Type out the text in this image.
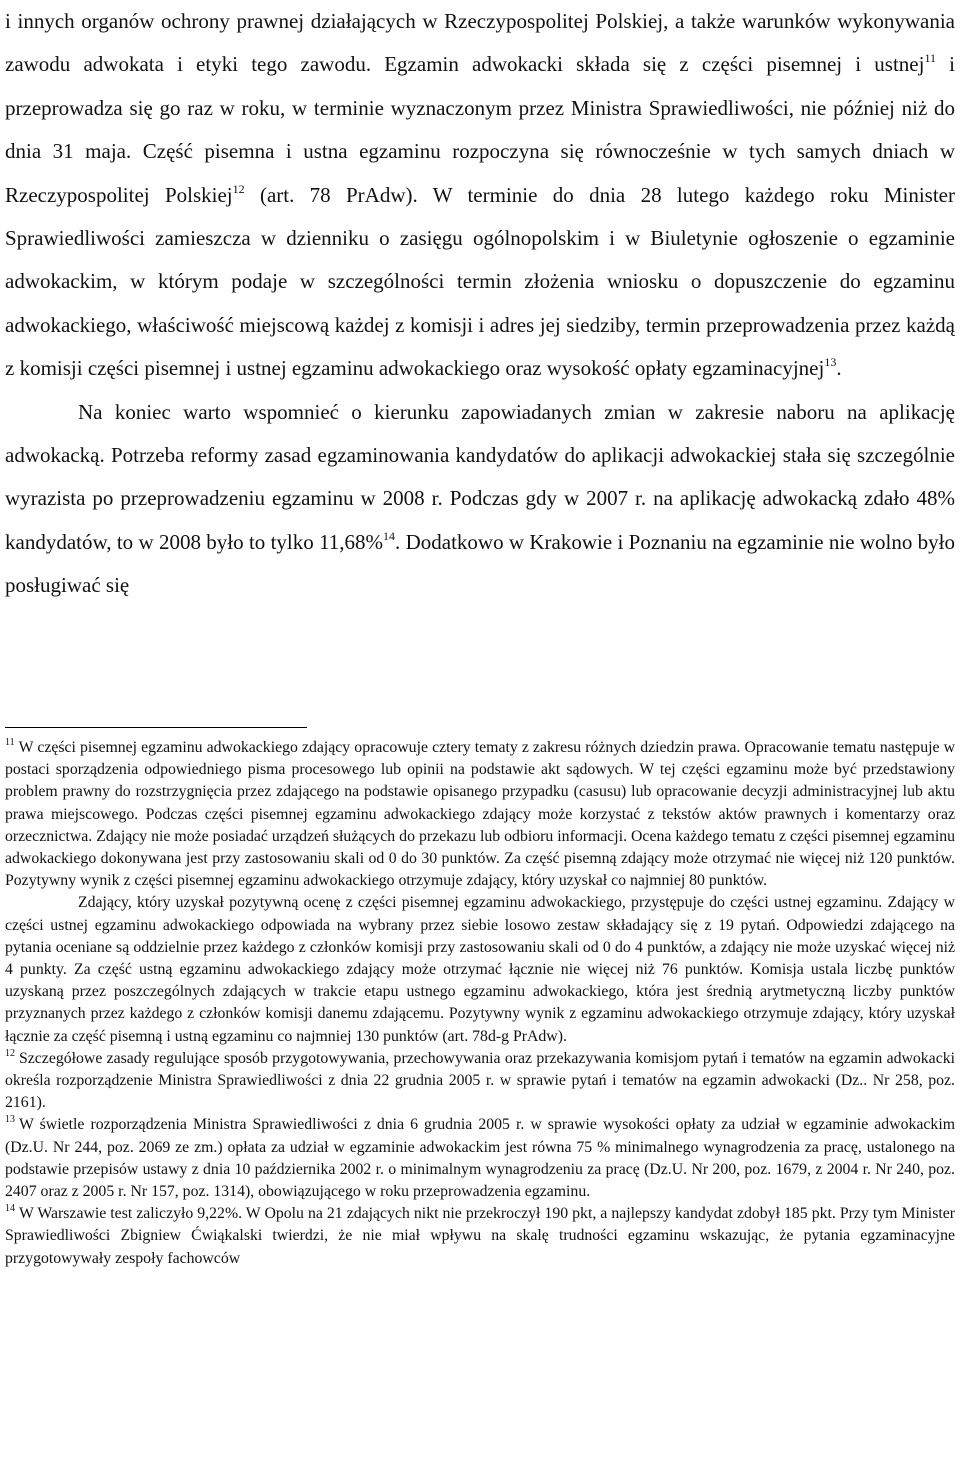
i innych organów ochrony prawnej działających w Rzeczypospolitej Polskiej, a także warunków wykonywania zawodu adwokata i etyki tego zawodu. Egzamin adwokacki składa się z części pisemnej i ustnej$^{11}$ i przeprowadza się go raz w roku, w terminie wyznaczonym przez Ministra Sprawiedliwości, nie później niż do dnia 31 maja. Część pisemna i ustna egzaminu rozpoczyna się równocześnie w tych samych dniach w Rzeczypospolitej Polskiej$^{12}$ (art. 78 PrAdw). W terminie do dnia 28 lutego każdego roku Minister Sprawiedliwości zamieszcza w dzienniku o zasięgu ogólnopolskim i w Biuletynie ogłoszenie o egzaminie adwokackim, w którym podaje w szczególności termin złożenia wniosku o dopuszczenie do egzaminu adwokackiego, właściwość miejscową każdej z komisji i adres jej siedziby, termin przeprowadzenia przez każdą z komisji części pisemnej i ustnej egzaminu adwokackiego oraz wysokość opłaty egzaminacyjnej$^{13}$.

Na koniec warto wspomnieć o kierunku zapowiadanych zmian w zakresie naboru na aplikację adwokacką. Potrzeba reformy zasad egzaminowania kandydatów do aplikacji adwokackiej stała się szczególnie wyrazista po przeprowadzeniu egzaminu w 2008 r. Podczas gdy w 2007 r. na aplikację adwokacką zdało 48% kandydatów, to w 2008 było to tylko 11,68%$^{14}$. Dodatkowo w Krakowie i Poznaniu na egzaminie nie wolno było posługiwać się

$^{11}$ W części pisemnej egzaminu adwokackiego zdający opracowuje cztery tematy z zakresu różnych dziedzin prawa. Opracowanie tematu następuje w postaci sporządzenia odpowiedniego pisma procesowego lub opinii na podstawie akt sądowych. W tej części egzaminu może być przedstawiony problem prawny do rozstrzygnięcia przez zdającego na podstawie opisanego przypadku (casusu) lub opracowanie decyzji administracyjnej lub aktu prawa miejscowego. Podczas części pisemnej egzaminu adwokackiego zdający może korzystać z tekstów aktów prawnych i komentarzy oraz orzecznictwa. Zdający nie może posiadać urządzeń służących do przekazu lub odbioru informacji. Ocena każdego tematu z części pisemnej egzaminu adwokackiego dokonywana jest przy zastosowaniu skali od 0 do 30 punktów. Za część pisemną zdający może otrzymać nie więcej niż 120 punktów. Pozytywny wynik z części pisemnej egzaminu adwokackiego otrzymuje zdający, który uzyskał co najmniej 80 punktów.

Zdający, który uzyskał pozytywną ocenę z części pisemnej egzaminu adwokackiego, przystępuje do części ustnej egzaminu. Zdający w części ustnej egzaminu adwokackiego odpowiada na wybrany przez siebie losowo zestaw składający się z 19 pytań. Odpowiedzi zdającego na pytania oceniane są oddzielnie przez każdego z członków komisji przy zastosowaniu skali od 0 do 4 punktów, a zdający nie może uzyskać więcej niż 4 punkty. Za część ustną egzaminu adwokackiego zdający może otrzymać łącznie nie więcej niż 76 punktów. Komisja ustala liczbę punktów uzyskaną przez poszczególnych zdających w trakcie etapu ustnego egzaminu adwokackiego, która jest średnią arytmetyczną liczby punktów przyznanych przez każdego z członków komisji danemu zdającemu. Pozytywny wynik z egzaminu adwokackiego otrzymuje zdający, który uzyskał łącznie za część pisemną i ustną egzaminu co najmniej 130 punktów (art. 78d-g PrAdw).

$^{12}$ Szczegółowe zasady regulujące sposób przygotowywania, przechowywania oraz przekazywania komisjom pytań i tematów na egzamin adwokacki określa rozporządzenie Ministra Sprawiedliwości z dnia 22 grudnia 2005 r. w sprawie pytań i tematów na egzamin adwokacki (Dz.. Nr 258, poz. 2161).

$^{13}$ W świetle rozporządzenia Ministra Sprawiedliwości z dnia 6 grudnia 2005 r. w sprawie wysokości opłaty za udział w egzaminie adwokackim (Dz.U. Nr 244, poz. 2069 ze zm.) opłata za udział w egzaminie adwokackim jest równa 75 % minimalnego wynagrodzenia za pracę, ustalonego na podstawie przepisów ustawy z dnia 10 października 2002 r. o minimalnym wynagrodzeniu za pracę (Dz.U. Nr 200, poz. 1679, z 2004 r. Nr 240, poz. 2407 oraz z 2005 r. Nr 157, poz. 1314), obowiązującego w roku przeprowadzenia egzaminu.

$^{14}$ W Warszawie test zaliczyło 9,22%. W Opolu na 21 zdających nikt nie przekroczył 190 pkt, a najlepszy kandydat zdobył 185 pkt. Przy tym Minister Sprawiedliwości Zbigniew Ćwiąkalski twierdzi, że nie miał wpływu na skalę trudności egzaminu wskazując, że pytania egzaminacyjne przygotowywały zespoły fachowców
